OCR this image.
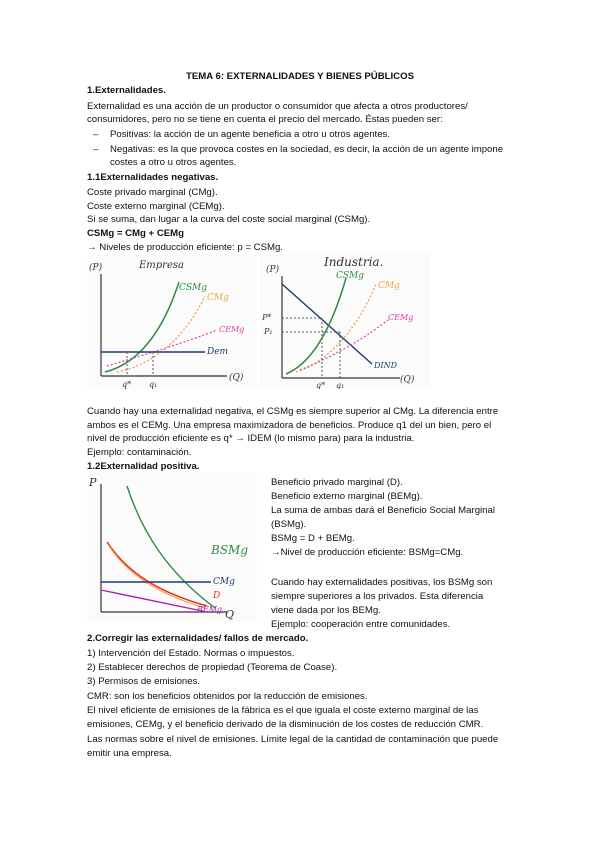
TEMA 6: EXTERNALIDADES Y BIENES PÚBLICOS
1.Externalidades.
Externalidad es una acción de un productor o consumidor que afecta a otros productores/
consumidores, pero no se tiene en cuenta el precio del mercado. Éstas pueden ser:
– Positivas: la acción de un agente beneficia a otro u otros agentes.
– Negativas: es la que provoca costes en la sociedad, es decir, la acción de un agente impone
costes a otro u otros agentes.
1.1Externalidades negativas.
Coste privado marginal (CMg).
Coste externo marginal (CEMg).
Si se suma, dan lugar a la curva del coste social marginal (CSMg).
CSMg = CMg + CEMg
→ Niveles de producción eficiente: p = CSMg.
(P)
(Q)
Empresa
CSMg
CMg
CEMg
Dem
q* q₁
(P)
(Q)
Industria.
CSMg
CMg
CEMg
DIND
P*
P₁
q* q₁
Cuando hay una externalidad negativa, el CSMg es siempre superior al CMg. La diferencia entre
ambos es el CEMg. Una empresa maximizadora de beneficios. Produce q1 del un bien, pero el
nivel de producción eficiente es q* → IDEM (lo mismo para) para la industria.
Ejemplo: contaminación.
1.2Externalidad positiva.
P
Q
BSMg
CMg
D
BEMg
Beneficio privado marginal (D).
Beneficio externo marginal (BEMg).
La suma de ambas dará el Beneficio Social Marginal
(BSMg).
BSMg = D + BEMg.
→Nivel de producción eficiente: BSMg=CMg.
Cuando hay externalidades positivas, los BSMg son
siempre superiores a los privados. Esta diferencia
viene dada por los BEMg.
Ejemplo: cooperación entre comunidades.
2.Corregir las externalidades/ fallos de mercado.
1) Intervención del Estado. Normas o impuestos.
2) Establecer derechos de propiedad (Teorema de Coase).
3) Permisos de emisiones.
CMR: son los beneficios obtenidos por la reducción de emisiones.
El nivel eficiente de emisiones de la fábrica es el que iguala el coste externo marginal de las
emisiones, CEMg, y el beneficio derivado de la disminución de los costes de reducción CMR.
Las normas sobre el nivel de emisiones. Límite legal de la cantidad de contaminación que puede
emitir una empresa.
